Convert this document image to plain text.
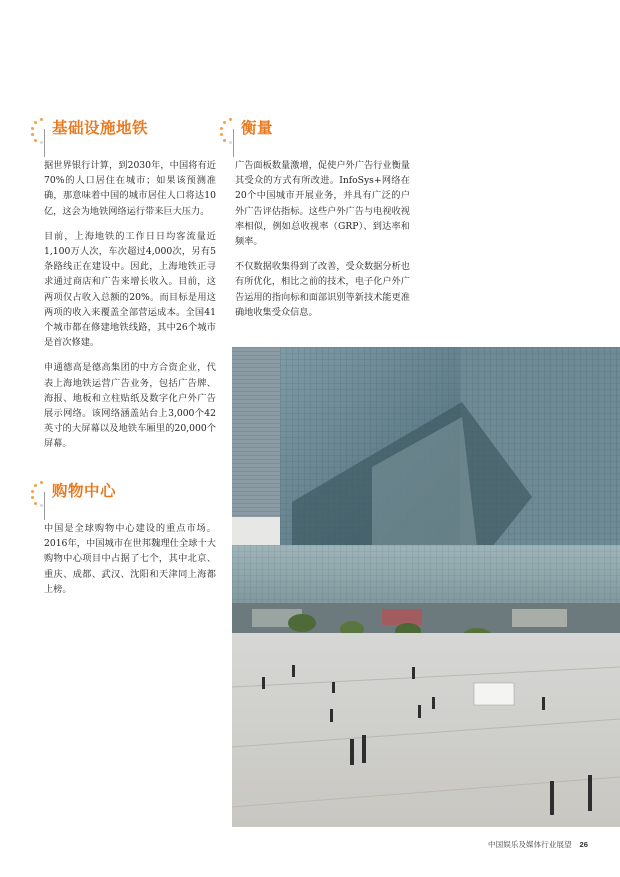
基础设施地铁

据世界银行计算，到2030年，中国将有近70%的人口居住在城市；如果该预测准确，那意味着中国的城市居住人口将达10亿，这会为地铁网络运行带来巨大压力。

目前，上海地铁的工作日日均客流量近1,100万人次，车次超过4,000次，另有5条路线正在建设中。因此，上海地铁正寻求通过商店和广告来增长收入。目前，这两项仅占收入总额的20%。而目标是用这两项的收入来覆盖全部营运成本。全国41个城市都在修建地铁线路，其中26个城市是首次修建。

申通德高是德高集团的中方合资企业，代表上海地铁运营广告业务，包括广告牌、海报、地板和立柱贴纸及数字化户外广告展示网络。该网络涵盖站台上3,000个42英寸的大屏幕以及地铁车厢里的20,000个屏幕。

购物中心

中国是全球购物中心建设的重点市场。2016年，中国城市在世邦魏理仕全球十大购物中心项目中占据了七个，其中北京、重庆、成都、武汉、沈阳和天津同上海都上榜。

衡量

广告面板数量激增，促使户外广告行业衡量其受众的方式有所改进。InfoSys+网络在20个中国城市开展业务，并具有广泛的户外广告评估指标。这些户外广告与电视收视率相似，例如总收视率（GRP）、到达率和频率。

不仅数据收集得到了改善，受众数据分析也有所优化，相比之前的技术，电子化户外广告运用的指向标和面部识别等新技术能更准确地收集受众信息。

中国娱乐及媒体行业展望 26
